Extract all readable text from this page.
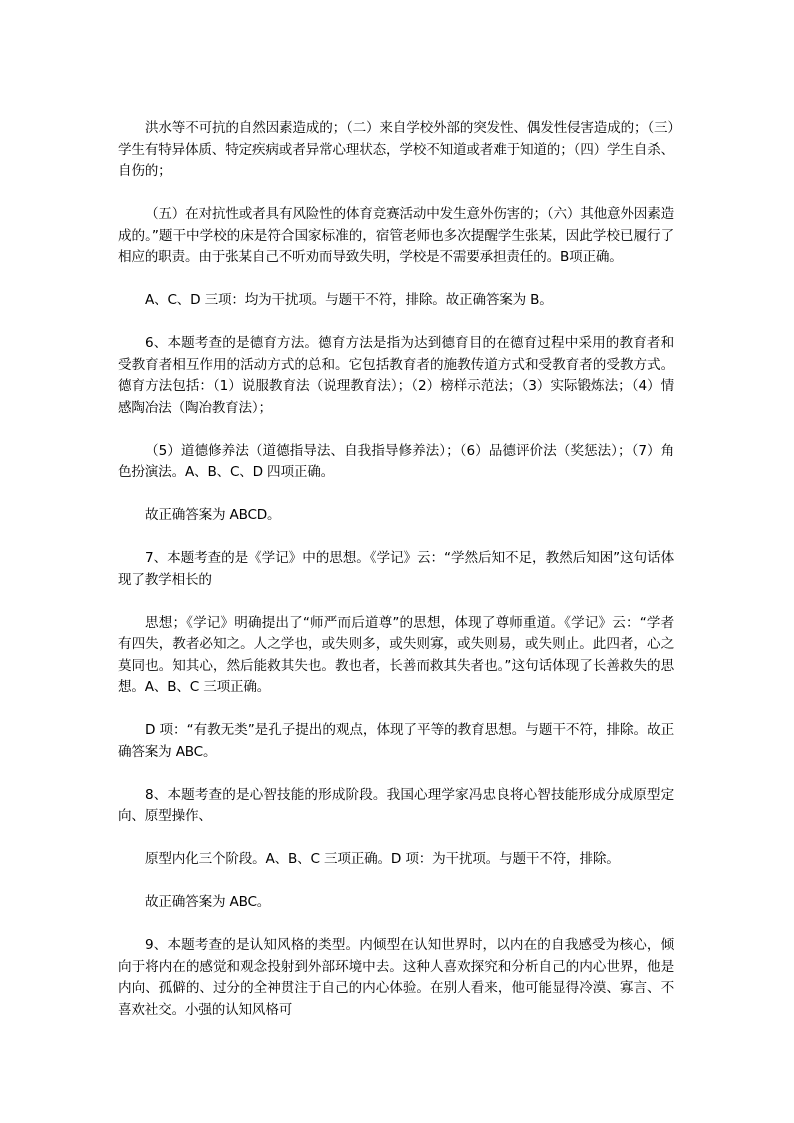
洪水等不可抗的自然因素造成的；（二）来自学校外部的突发性、偶发性侵害造成的；（三）学生有特异体质、特定疾病或者异常心理状态，学校不知道或者难于知道的；（四）学生自杀、自伤的；

（五）在对抗性或者具有风险性的体育竞赛活动中发生意外伤害的；（六）其他意外因素造成的。”题干中学校的床是符合国家标准的，宿管老师也多次提醒学生张某，因此学校已履行了相应的职责。由于张某自己不听劝而导致失明，学校是不需要承担责任的。B项正确。

A、C、D 三项：均为干扰项。与题干不符，排除。故正确答案为 B。

6、本题考查的是德育方法。德育方法是指为达到德育目的在德育过程中采用的教育者和受教育者相互作用的活动方式的总和。它包括教育者的施教传道方式和受教育者的受教方式。德育方法包括：（1）说服教育法（说理教育法）；（2）榜样示范法；（3）实际锻炼法；（4）情感陶冶法（陶冶教育法）；

（5）道德修养法（道德指导法、自我指导修养法）；（6）品德评价法（奖惩法）；（7）角色扮演法。A、B、C、D 四项正确。

故正确答案为 ABCD。

7、本题考查的是《学记》中的思想。《学记》云：“学然后知不足，教然后知困”这句话体现了教学相长的

思想；《学记》明确提出了“师严而后道尊”的思想，体现了尊师重道。《学记》云：“学者有四失，教者必知之。人之学也，或失则多，或失则寡，或失则易，或失则止。此四者，心之莫同也。知其心，然后能救其失也。教也者，长善而救其失者也。”这句话体现了长善救失的思想。A、B、C 三项正确。

D 项：“有教无类”是孔子提出的观点，体现了平等的教育思想。与题干不符，排除。故正确答案为 ABC。

8、本题考查的是心智技能的形成阶段。我国心理学家冯忠良将心智技能形成分成原型定向、原型操作、

原型内化三个阶段。A、B、C 三项正确。D 项：为干扰项。与题干不符，排除。

故正确答案为 ABC。

9、本题考查的是认知风格的类型。内倾型在认知世界时，以内在的自我感受为核心，倾向于将内在的感觉和观念投射到外部环境中去。这种人喜欢探究和分析自己的内心世界，他是内向、孤僻的、过分的全神贯注于自己的内心体验。在别人看来，他可能显得冷漠、寡言、不喜欢社交。小强的认知风格可
